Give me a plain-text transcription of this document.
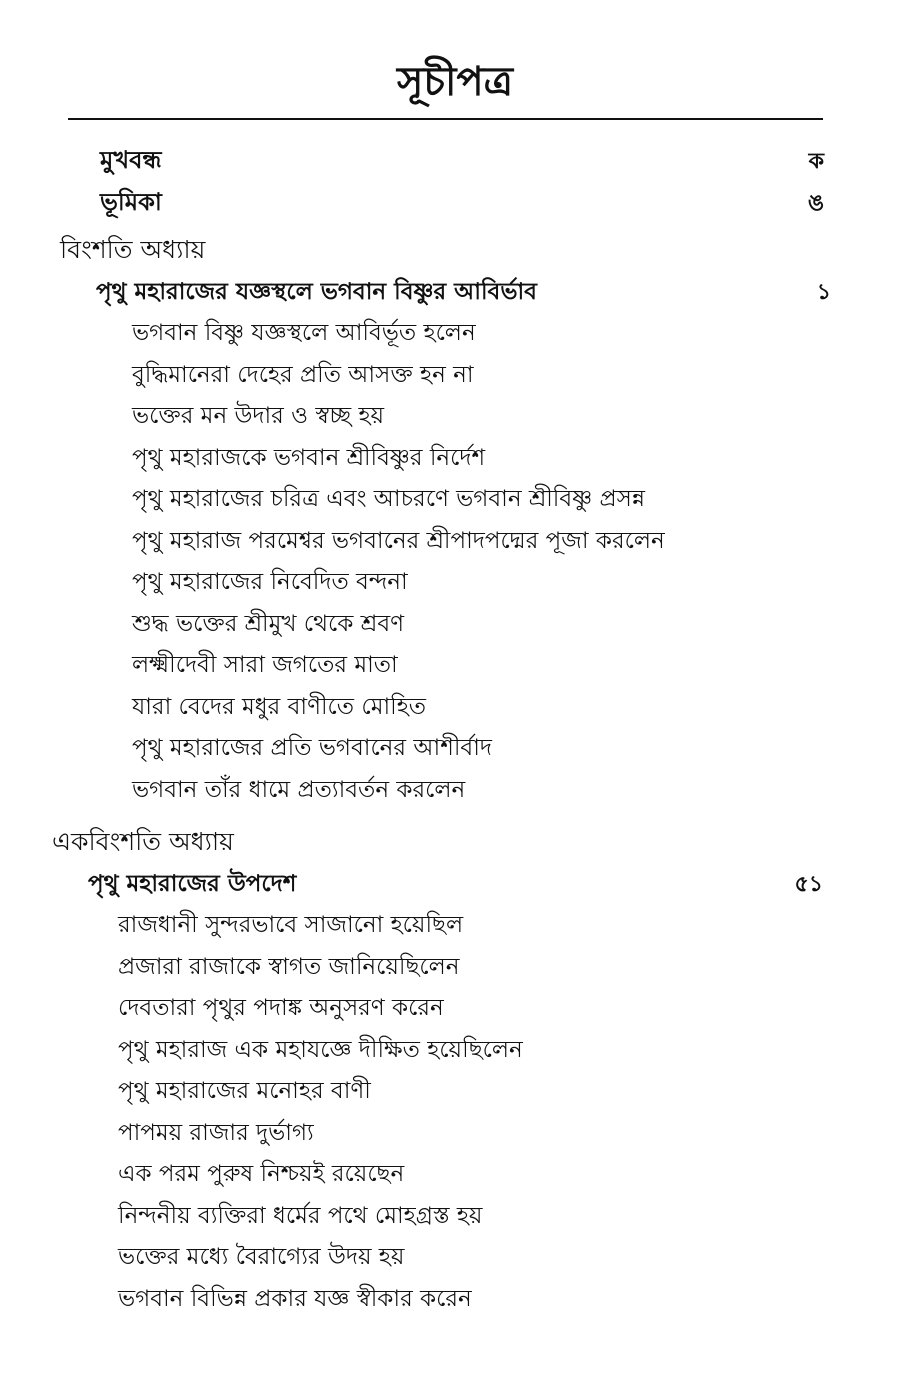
সূচীপত্র
মুখবন্ধ	ক
ভূমিকা	ঙ
বিংশতি অধ্যায়
পৃথু মহারাজের যজ্ঞস্থলে ভগবান বিষ্ণুর আবির্ভাব	১
ভগবান বিষ্ণু যজ্ঞস্থলে আবির্ভূত হলেন
বুদ্ধিমানেরা দেহের প্রতি আসক্ত হন না
ভক্তের মন উদার ও স্বচ্ছ হয়
পৃথু মহারাজকে ভগবান শ্রীবিষ্ণুর নির্দেশ
পৃথু মহারাজের চরিত্র এবং আচরণে ভগবান শ্রীবিষ্ণু প্রসন্ন
পৃথু মহারাজ পরমেশ্বর ভগবানের শ্রীপাদপদ্মের পূজা করলেন
পৃথু মহারাজের নিবেদিত বন্দনা
শুদ্ধ ভক্তের শ্রীমুখ থেকে শ্রবণ
লক্ষ্মীদেবী সারা জগতের মাতা
যারা বেদের মধুর বাণীতে মোহিত
পৃথু মহারাজের প্রতি ভগবানের আশীর্বাদ
ভগবান তাঁর ধামে প্রত্যাবর্তন করলেন
একবিংশতি অধ্যায়
পৃথু মহারাজের উপদেশ	৫১
রাজধানী সুন্দরভাবে সাজানো হয়েছিল
প্রজারা রাজাকে স্বাগত জানিয়েছিলেন
দেবতারা পৃথুর পদাঙ্ক অনুসরণ করেন
পৃথু মহারাজ এক মহাযজ্ঞে দীক্ষিত হয়েছিলেন
পৃথু মহারাজের মনোহর বাণী
পাপময় রাজার দুর্ভাগ্য
এক পরম পুরুষ নিশ্চয়ই রয়েছেন
নিন্দনীয় ব্যক্তিরা ধর্মের পথে মোহগ্রস্ত হয়
ভক্তের মধ্যে বৈরাগ্যের উদয় হয়
ভগবান বিভিন্ন প্রকার যজ্ঞ স্বীকার করেন
